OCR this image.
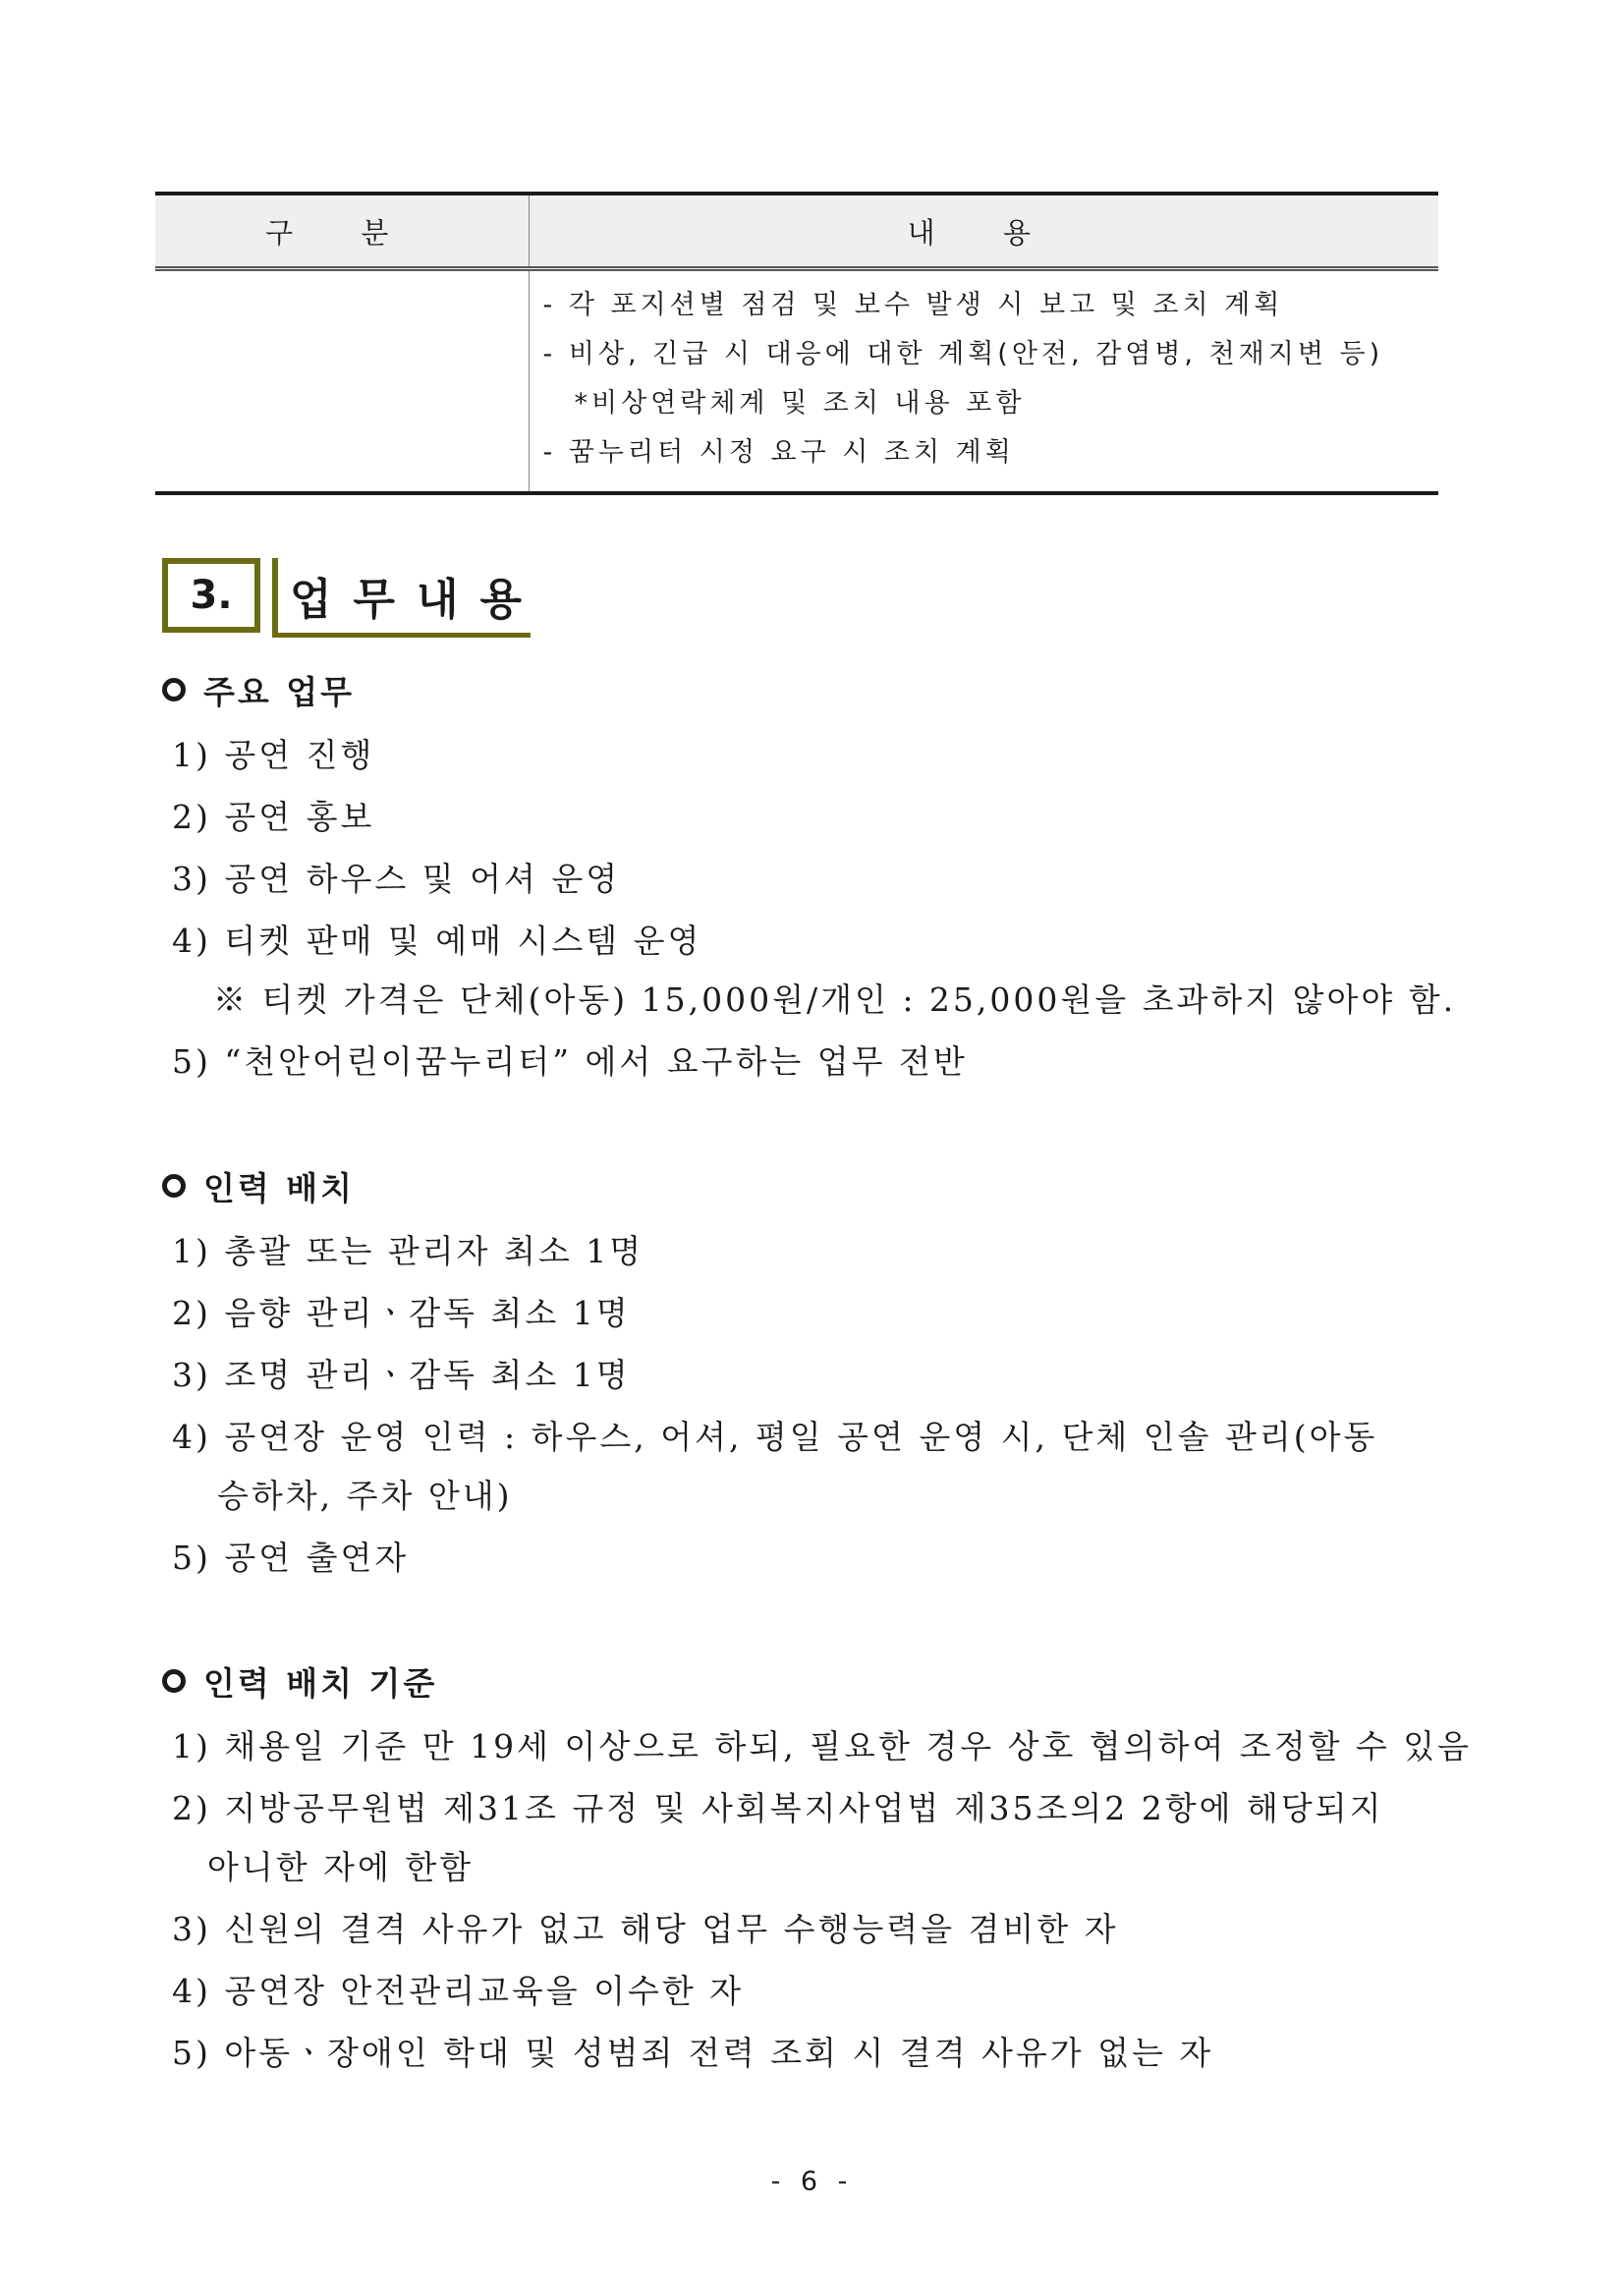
구 분	내 용

	- 각 포지션별 점검 및 보수 발생 시 보고 및 조치 계획
- 비상, 긴급 시 대응에 대한 계획(안전, 감염병, 천재지변 등)
*비상연락체계 및 조치 내용 포함
- 꿈누리터 시정 요구 시 조치 계획
3.	업무내용
주요 업무
1) 공연 진행
2) 공연 홍보
3) 공연 하우스 및 어셔 운영
4) 티켓 판매 및 예매 시스템 운영
※ 티켓 가격은 단체(아동) 15,000원/개인 : 25,000원을 초과하지 않아야 함.
5) “천안어린이꿈누리터” 에서 요구하는 업무 전반
인력 배치
1) 총괄 또는 관리자 최소 1명
2) 음향 관리ㆍ감독 최소 1명
3) 조명 관리ㆍ감독 최소 1명
4) 공연장 운영 인력 : 하우스, 어셔, 평일 공연 운영 시, 단체 인솔 관리(아동
승하차, 주차 안내)
5) 공연 출연자
인력 배치 기준
1) 채용일 기준 만 19세 이상으로 하되, 필요한 경우 상호 협의하여 조정할 수 있음
2) 지방공무원법 제31조 규정 및 사회복지사업법 제35조의2 2항에 해당되지
아니한 자에 한함
3) 신원의 결격 사유가 없고 해당 업무 수행능력을 겸비한 자
4) 공연장 안전관리교육을 이수한 자
5) 아동ㆍ장애인 학대 및 성범죄 전력 조회 시 결격 사유가 없는 자
- 6 -
